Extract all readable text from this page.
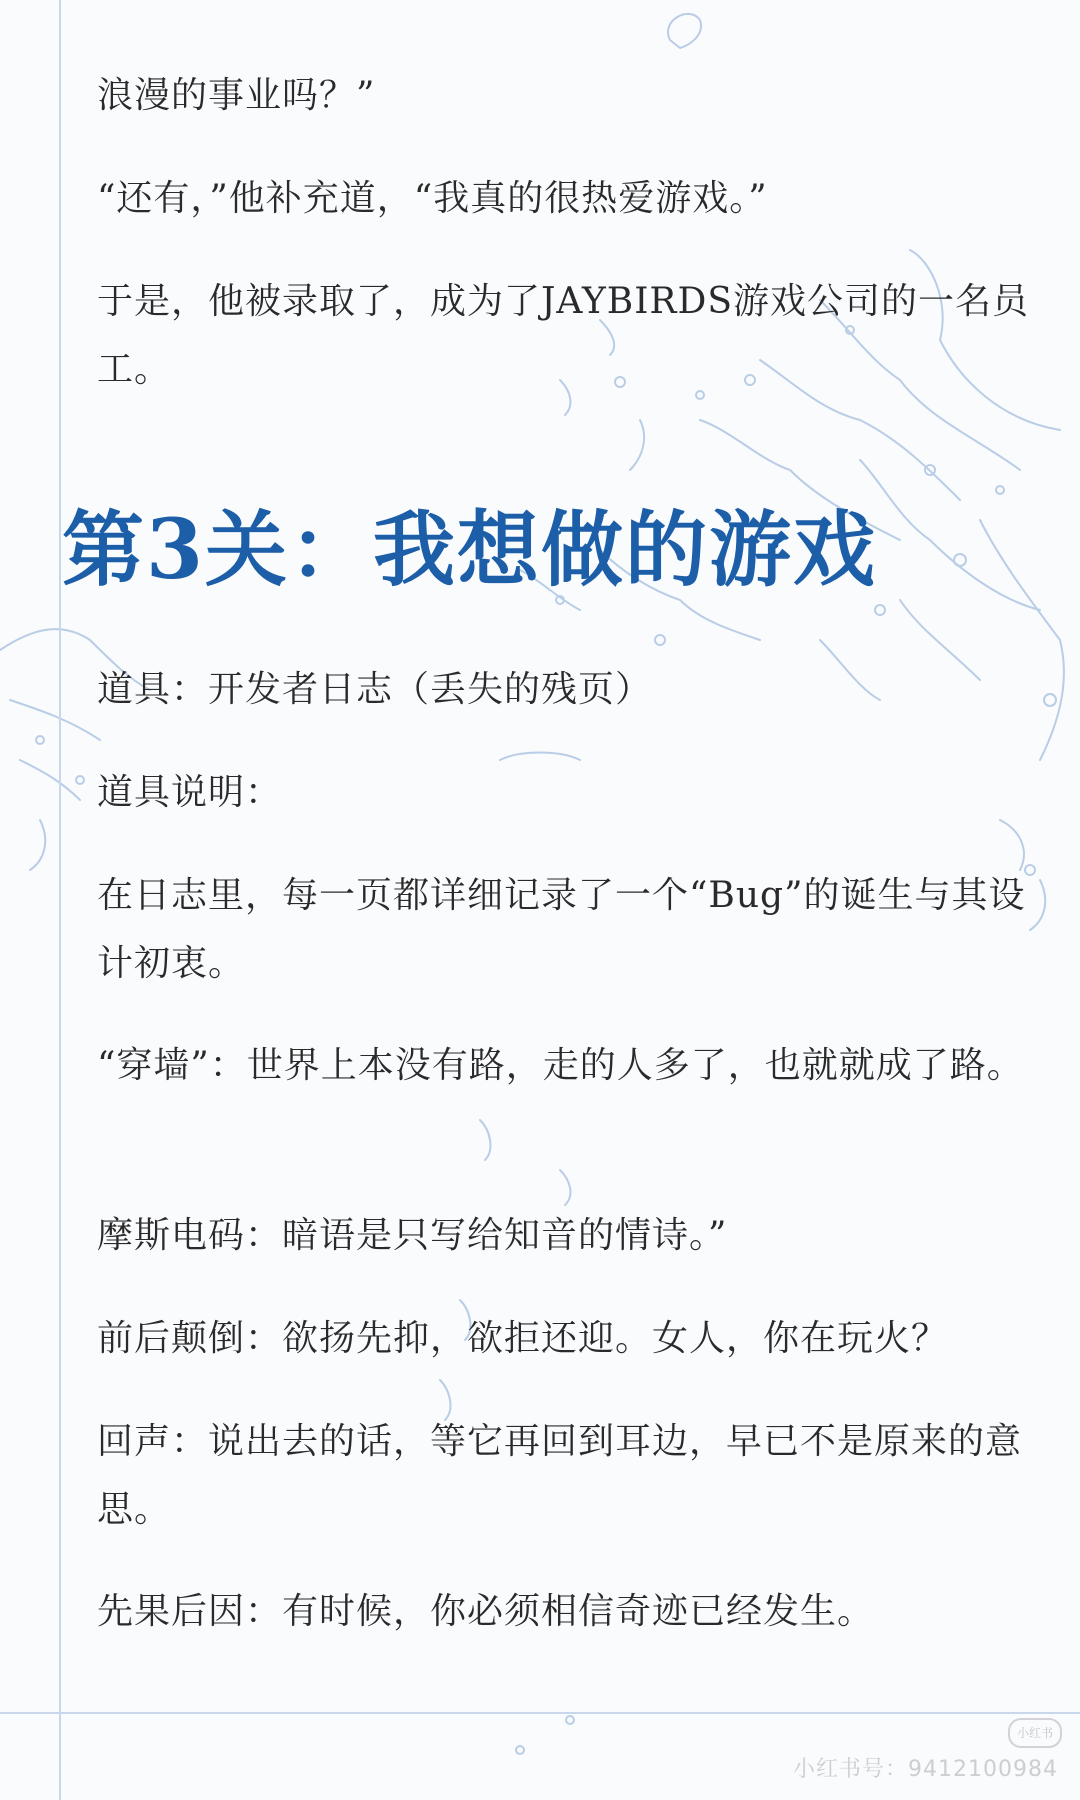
浪漫的事业吗？”

“还有，”他补充道，“我真的很热爱游戏。”

于是，他被录取了，成为了JAYBIRDS游戏公司的一名员工。

第3关：我想做的游戏

道具：开发者日志（丢失的残页）

道具说明：

在日志里，每一页都详细记录了一个“Bug”的诞生与其设计初衷。

“穿墙”：世界上本没有路，走的人多了，也就就成了路。

摩斯电码：暗语是只写给知音的情诗。”

前后颠倒：欲扬先抑，欲拒还迎。女人，你在玩火？

回声：说出去的话，等它再回到耳边，早已不是原来的意思。

先果后因：有时候，你必须相信奇迹已经发生。

小红书
小红书号：9412100984
